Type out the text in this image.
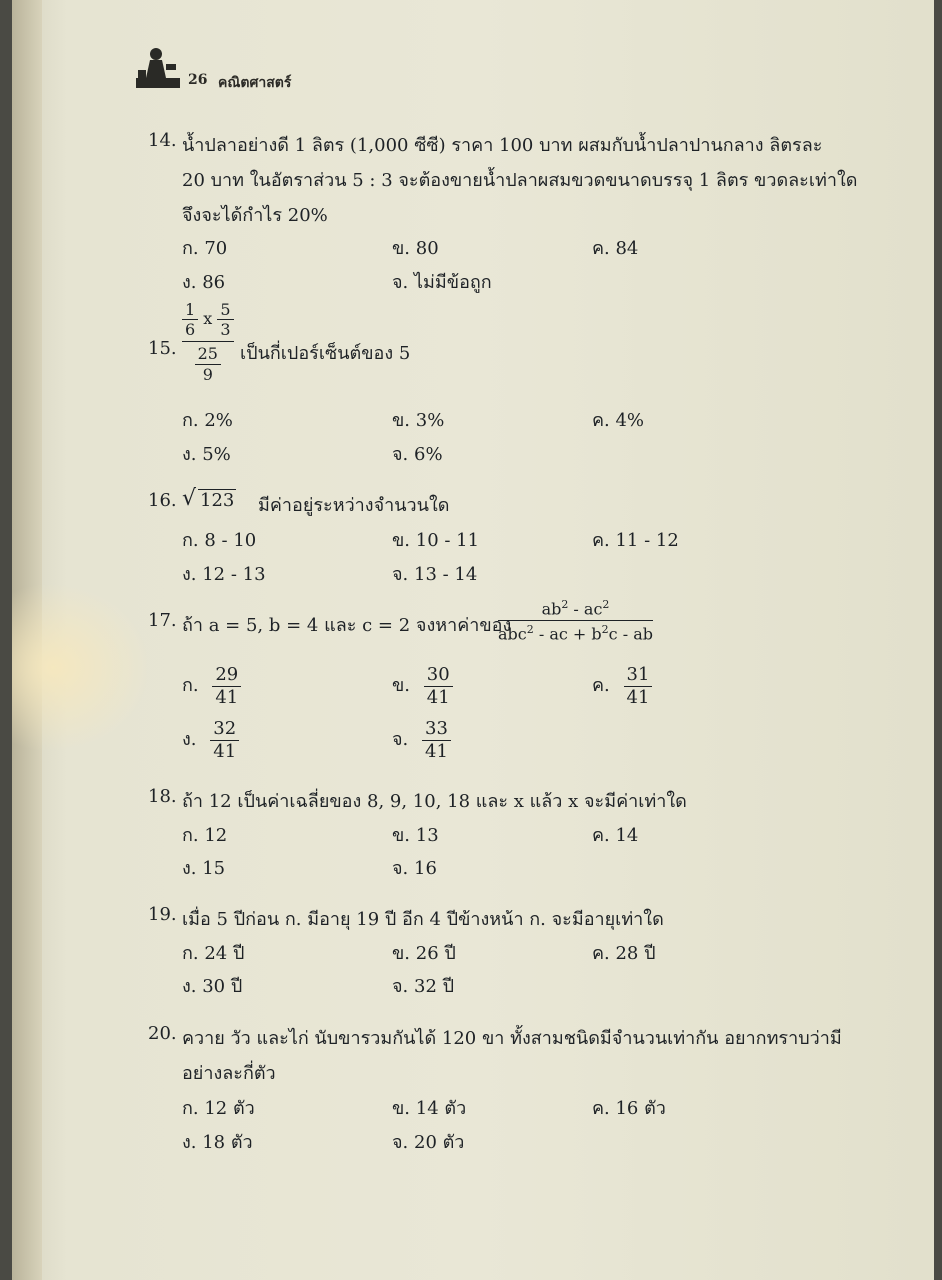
26 คณิตศาสตร์
14. น้ำปลาอย่างดี 1 ลิตร (1,000 ซีซี) ราคา 100 บาท ผสมกับน้ำปลาปานกลาง ลิตรละ
20 บาท ในอัตราส่วน 5 : 3 จะต้องขายน้ำปลาผสมขวดขนาดบรรจุ 1 ลิตร ขวดละเท่าใด
จึงจะได้กำไร 20%
ก. 70	ข. 80	ค. 84
ง. 86	จ. ไม่มีข้อถูก
15.
$\frac{1}{6}$ x $\frac{5}{3}$
$\frac{25}{9}$ เป็นกี่เปอร์เซ็นต์ของ 5
ก. 2%	ข. 3%	ค. 4%
ง. 5%	จ. 6%
16. √ 123	มีค่าอยู่ระหว่างจำนวนใด
ก. 8 - 10	ข. 10 - 11	ค. 11 - 12
ง. 12 - 13	จ. 13 - 14
17. ถ้า a = 5, b = 4 และ c = 2 จงหาค่าของ
$ab^2 - ac^2$
abc$^2$ - ac + $b^2c$ - ab
ก. $\frac{29}{41}$	ข. $\frac{30}{41}$	ค. $\frac{31}{41}$
ง. $\frac{32}{41}$	จ. $\frac{33}{41}$
18. ถ้า 12 เป็นค่าเฉลี่ยของ 8, 9, 10, 18 และ x แล้ว x จะมีค่าเท่าใด
ก. 12	ข. 13	ค. 14
ง. 15	จ. 16
19. เมื่อ 5 ปีก่อน ก. มีอายุ 19 ปี อีก 4 ปีข้างหน้า ก. จะมีอายุเท่าใด
ก. 24 ปี	ข. 26 ปี	ค. 28 ปี
ง. 30 ปี	จ. 32 ปี
20. ควาย วัว และไก่ นับขารวมกันได้ 120 ขา ทั้งสามชนิดมีจำนวนเท่ากัน อยากทราบว่ามี
อย่างละกี่ตัว
ก. 12 ตัว	ข. 14 ตัว	ค. 16 ตัว
ง. 18 ตัว	จ. 20 ตัว
